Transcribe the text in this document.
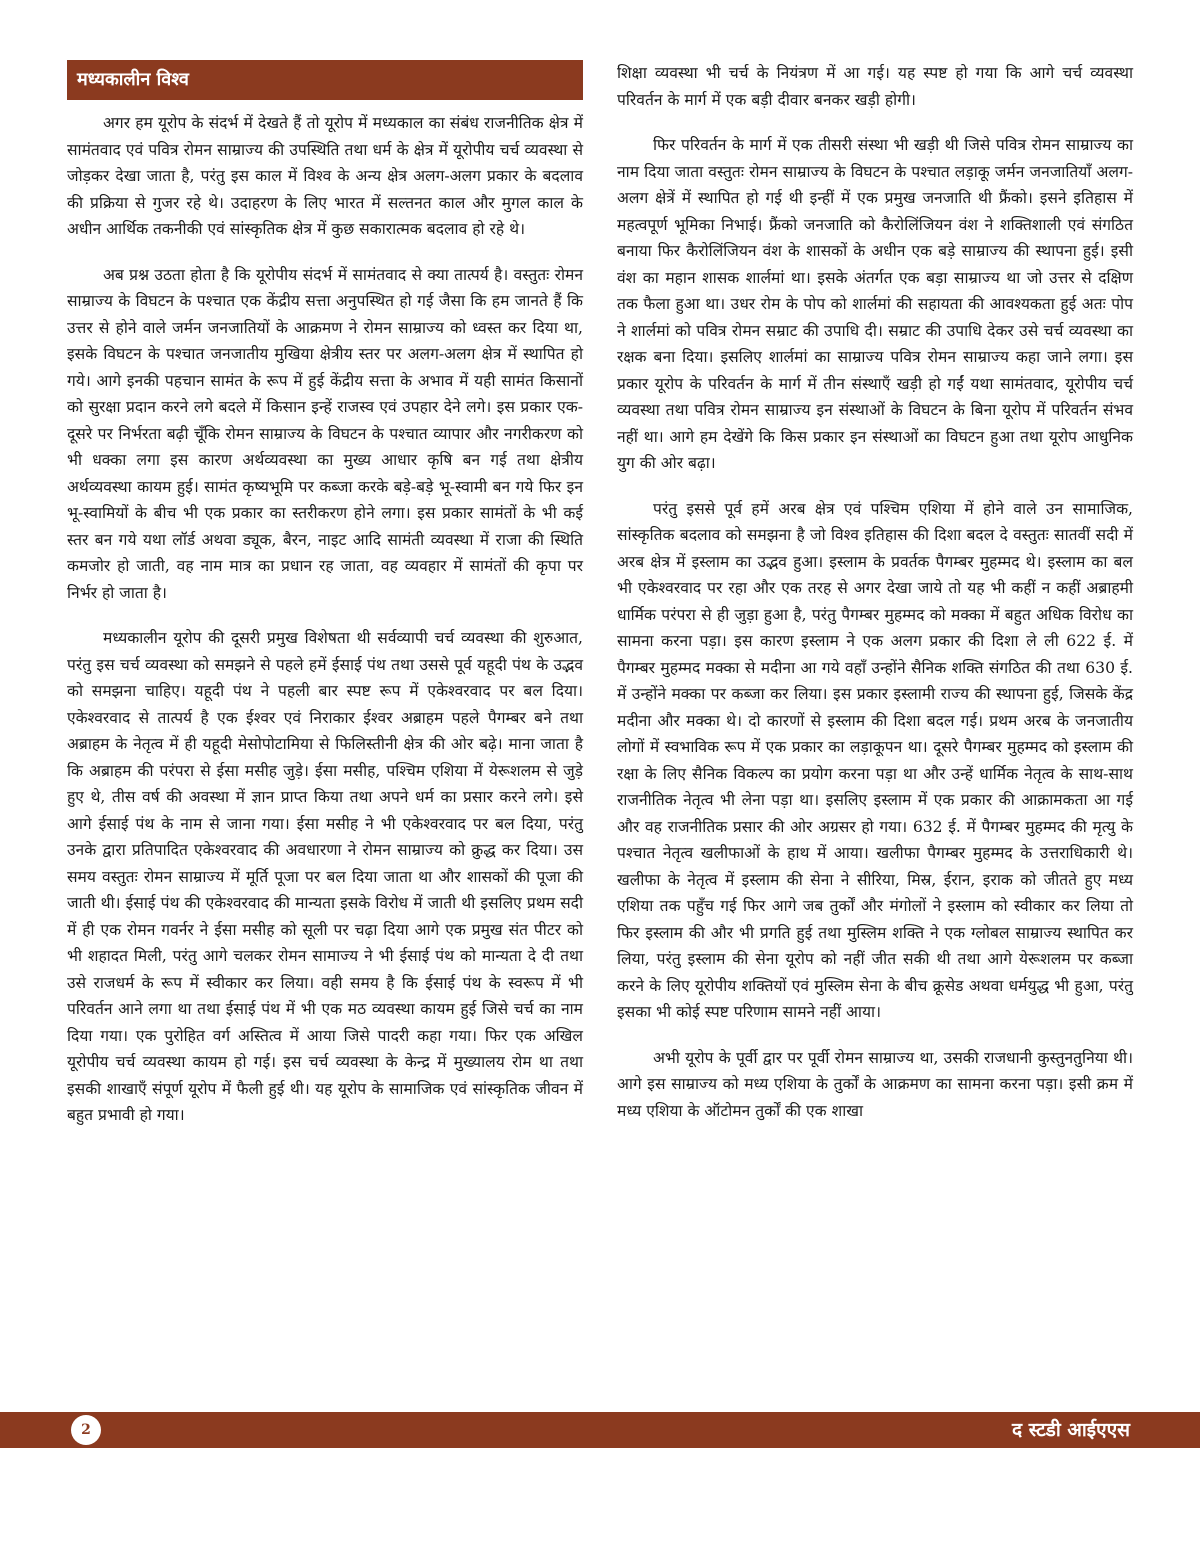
मध्यकालीन विश्व

अगर हम यूरोप के संदर्भ में देखते हैं तो यूरोप में मध्यकाल का संबंध राजनीतिक क्षेत्र में सामंतवाद एवं पवित्र रोमन साम्राज्य की उपस्थिति तथा धर्म के क्षेत्र में यूरोपीय चर्च व्यवस्था से जोड़कर देखा जाता है, परंतु इस काल में विश्व के अन्य क्षेत्र अलग-अलग प्रकार के बदलाव की प्रक्रिया से गुजर रहे थे। उदाहरण के लिए भारत में सल्तनत काल और मुगल काल के अधीन आर्थिक तकनीकी एवं सांस्कृतिक क्षेत्र में कुछ सकारात्मक बदलाव हो रहे थे।

अब प्रश्न उठता होता है कि यूरोपीय संदर्भ में सामंतवाद से क्या तात्पर्य है। वस्तुतः रोमन साम्राज्य के विघटन के पश्चात एक केंद्रीय सत्ता अनुपस्थित हो गई जैसा कि हम जानते हैं कि उत्तर से होने वाले जर्मन जनजातियों के आक्रमण ने रोमन साम्राज्य को ध्वस्त कर दिया था, इसके विघटन के पश्चात जनजातीय मुखिया क्षेत्रीय स्तर पर अलग-अलग क्षेत्र में स्थापित हो गये। आगे इनकी पहचान सामंत के रूप में हुई केंद्रीय सत्ता के अभाव में यही सामंत किसानों को सुरक्षा प्रदान करने लगे बदले में किसान इन्हें राजस्व एवं उपहार देने लगे। इस प्रकार एक-दूसरे पर निर्भरता बढ़ी चूँकि रोमन साम्राज्य के विघटन के पश्चात व्यापार और नगरीकरण को भी धक्का लगा इस कारण अर्थव्यवस्था का मुख्य आधार कृषि बन गई तथा क्षेत्रीय अर्थव्यवस्था कायम हुई। सामंत कृष्यभूमि पर कब्जा करके बड़े-बड़े भू-स्वामी बन गये फिर इन भू-स्वामियों के बीच भी एक प्रकार का स्तरीकरण होने लगा। इस प्रकार सामंतों के भी कई स्तर बन गये यथा लॉर्ड अथवा ड्यूक, बैरन, नाइट आदि सामंती व्यवस्था में राजा की स्थिति कमजोर हो जाती, वह नाम मात्र का प्रधान रह जाता, वह व्यवहार में सामंतों की कृपा पर निर्भर हो जाता है।

मध्यकालीन यूरोप की दूसरी प्रमुख विशेषता थी सर्वव्यापी चर्च व्यवस्था की शुरुआत, परंतु इस चर्च व्यवस्था को समझने से पहले हमें ईसाई पंथ तथा उससे पूर्व यहूदी पंथ के उद्भव को समझना चाहिए। यहूदी पंथ ने पहली बार स्पष्ट रूप में एकेश्वरवाद पर बल दिया। एकेश्वरवाद से तात्पर्य है एक ईश्वर एवं निराकार ईश्वर अब्राहम पहले पैगम्बर बने तथा अब्राहम के नेतृत्व में ही यहूदी मेसोपोटामिया से फिलिस्तीनी क्षेत्र की ओर बढ़े। माना जाता है कि अब्राहम की परंपरा से ईसा मसीह जुड़े। ईसा मसीह, पश्चिम एशिया में येरूशलम से जुड़े हुए थे, तीस वर्ष की अवस्था में ज्ञान प्राप्त किया तथा अपने धर्म का प्रसार करने लगे। इसे आगे ईसाई पंथ के नाम से जाना गया। ईसा मसीह ने भी एकेश्वरवाद पर बल दिया, परंतु उनके द्वारा प्रतिपादित एकेश्वरवाद की अवधारणा ने रोमन साम्राज्य को क्रुद्ध कर दिया। उस समय वस्तुतः रोमन साम्राज्य में मूर्ति पूजा पर बल दिया जाता था और शासकों की पूजा की जाती थी। ईसाई पंथ की एकेश्वरवाद की मान्यता इसके विरोध में जाती थी इसलिए प्रथम सदी में ही एक रोमन गवर्नर ने ईसा मसीह को सूली पर चढ़ा दिया आगे एक प्रमुख संत पीटर को भी शहादत मिली, परंतु आगे चलकर रोमन सामाज्य ने भी ईसाई पंथ को मान्यता दे दी तथा उसे राजधर्म के रूप में स्वीकार कर लिया। वही समय है कि ईसाई पंथ के स्वरूप में भी परिवर्तन आने लगा था तथा ईसाई पंथ में भी एक मठ व्यवस्था कायम हुई जिसे चर्च का नाम दिया गया। एक पुरोहित वर्ग अस्तित्व में आया जिसे पादरी कहा गया। फिर एक अखिल यूरोपीय चर्च व्यवस्था कायम हो गई। इस चर्च व्यवस्था के केन्द्र में मुख्यालय रोम था तथा इसकी शाखाएँ संपूर्ण यूरोप में फैली हुई थी। यह यूरोप के सामाजिक एवं सांस्कृतिक जीवन में बहुत प्रभावी हो गया।

शिक्षा व्यवस्था भी चर्च के नियंत्रण में आ गई। यह स्पष्ट हो गया कि आगे चर्च व्यवस्था परिवर्तन के मार्ग में एक बड़ी दीवार बनकर खड़ी होगी।

फिर परिवर्तन के मार्ग में एक तीसरी संस्था भी खड़ी थी जिसे पवित्र रोमन साम्राज्य का नाम दिया जाता वस्तुतः रोमन साम्राज्य के विघटन के पश्चात लड़ाकू जर्मन जनजातियाँ अलग-अलग क्षेत्रें में स्थापित हो गई थी इन्हीं में एक प्रमुख जनजाति थी फ्रैंको। इसने इतिहास में महत्वपूर्ण भूमिका निभाई। फ्रैंको जनजाति को कैरोलिंजियन वंश ने शक्तिशाली एवं संगठित बनाया फिर कैरोलिंजियन वंश के शासकों के अधीन एक बड़े साम्राज्य की स्थापना हुई। इसी वंश का महान शासक शार्लमां था। इसके अंतर्गत एक बड़ा साम्राज्य था जो उत्तर से दक्षिण तक फैला हुआ था। उधर रोम के पोप को शार्लमां की सहायता की आवश्यकता हुई अतः पोप ने शार्लमां को पवित्र रोमन सम्राट की उपाधि दी। सम्राट की उपाधि देकर उसे चर्च व्यवस्था का रक्षक बना दिया। इसलिए शार्लमां का साम्राज्य पवित्र रोमन साम्राज्य कहा जाने लगा। इस प्रकार यूरोप के परिवर्तन के मार्ग में तीन संस्थाएँ खड़ी हो गईं यथा सामंतवाद, यूरोपीय चर्च व्यवस्था तथा पवित्र रोमन साम्राज्य इन संस्थाओं के विघटन के बिना यूरोप में परिवर्तन संभव नहीं था। आगे हम देखेंगे कि किस प्रकार इन संस्थाओं का विघटन हुआ तथा यूरोप आधुनिक युग की ओर बढ़ा।

परंतु इससे पूर्व हमें अरब क्षेत्र एवं पश्चिम एशिया में होने वाले उन सामाजिक, सांस्कृतिक बदलाव को समझना है जो विश्व इतिहास की दिशा बदल दे वस्तुतः सातवीं सदी में अरब क्षेत्र में इस्लाम का उद्भव हुआ। इस्लाम के प्रवर्तक पैगम्बर मुहम्मद थे। इस्लाम का बल भी एकेश्वरवाद पर रहा और एक तरह से अगर देखा जाये तो यह भी कहीं न कहीं अब्राहमी धार्मिक परंपरा से ही जुड़ा हुआ है, परंतु पैगम्बर मुहम्मद को मक्का में बहुत अधिक विरोध का सामना करना पड़ा। इस कारण इस्लाम ने एक अलग प्रकार की दिशा ले ली 622 ई. में पैगम्बर मुहम्मद मक्का से मदीना आ गये वहाँ उन्होंने सैनिक शक्ति संगठित की तथा 630 ई. में उन्होंने मक्का पर कब्जा कर लिया। इस प्रकार इस्लामी राज्य की स्थापना हुई, जिसके केंद्र मदीना और मक्का थे। दो कारणों से इस्लाम की दिशा बदल गई। प्रथम अरब के जनजातीय लोगों में स्वभाविक रूप में एक प्रकार का लड़ाकूपन था। दूसरे पैगम्बर मुहम्मद को इस्लाम की रक्षा के लिए सैनिक विकल्प का प्रयोग करना पड़ा था और उन्हें धार्मिक नेतृत्व के साथ-साथ राजनीतिक नेतृत्व भी लेना पड़ा था। इसलिए इस्लाम में एक प्रकार की आक्रामकता आ गई और वह राजनीतिक प्रसार की ओर अग्रसर हो गया। 632 ई. में पैगम्बर मुहम्मद की मृत्यु के पश्चात नेतृत्व खलीफाओं के हाथ में आया। खलीफा पैगम्बर मुहम्मद के उत्तराधिकारी थे। खलीफा के नेतृत्व में इस्लाम की सेना ने सीरिया, मिस्र, ईरान, इराक को जीतते हुए मध्य एशिया तक पहुँच गई फिर आगे जब तुर्कों और मंगोलों ने इस्लाम को स्वीकार कर लिया तो फिर इस्लाम की और भी प्रगति हुई तथा मुस्लिम शक्ति ने एक ग्लोबल साम्राज्य स्थापित कर लिया, परंतु इस्लाम की सेना यूरोप को नहीं जीत सकी थी तथा आगे येरूशलम पर कब्जा करने के लिए यूरोपीय शक्तियों एवं मुस्लिम सेना के बीच क्रूसेड अथवा धर्मयुद्ध भी हुआ, परंतु इसका भी कोई स्पष्ट परिणाम सामने नहीं आया।

अभी यूरोप के पूर्वी द्वार पर पूर्वी रोमन साम्राज्य था, उसकी राजधानी कुस्तुनतुनिया थी। आगे इस साम्राज्य को मध्य एशिया के तुर्कों के आक्रमण का सामना करना पड़ा। इसी क्रम में मध्य एशिया के ऑटोमन तुर्कों की एक शाखा

2	द स्टडी आईएएस
